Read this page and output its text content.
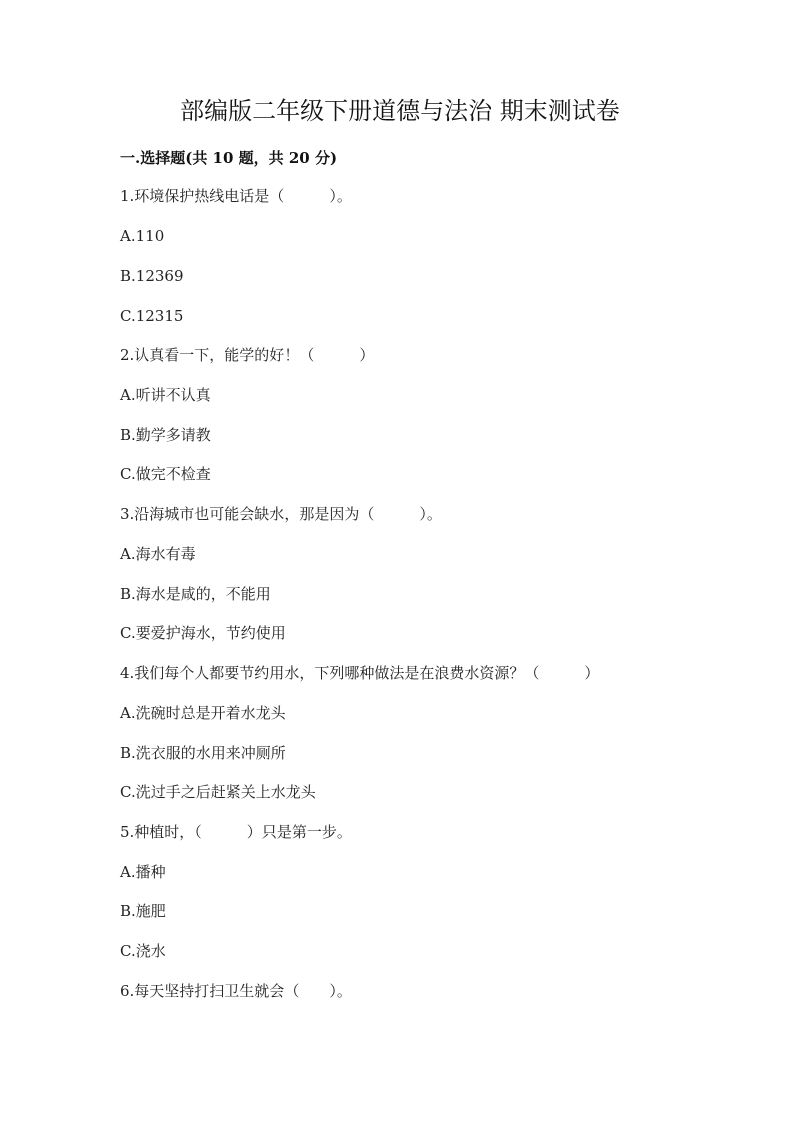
部编版二年级下册道德与法治 期末测试卷
一.选择题(共 10 题，共 20 分)
1.环境保护热线电话是（　　　）。
A.110
B.12369
C.12315
2.认真看一下，能学的好！（　　　）
A.听讲不认真
B.勤学多请教
C.做完不检查
3.沿海城市也可能会缺水，那是因为（　　　）。
A.海水有毒
B.海水是咸的，不能用
C.要爱护海水，节约使用
4.我们每个人都要节约用水，下列哪种做法是在浪费水资源？（　　　）
A.洗碗时总是开着水龙头
B.洗衣服的水用来冲厕所
C.洗过手之后赶紧关上水龙头
5.种植时，（　　　）只是第一步。
A.播种
B.施肥
C.浇水
6.每天坚持打扫卫生就会（　　）。
